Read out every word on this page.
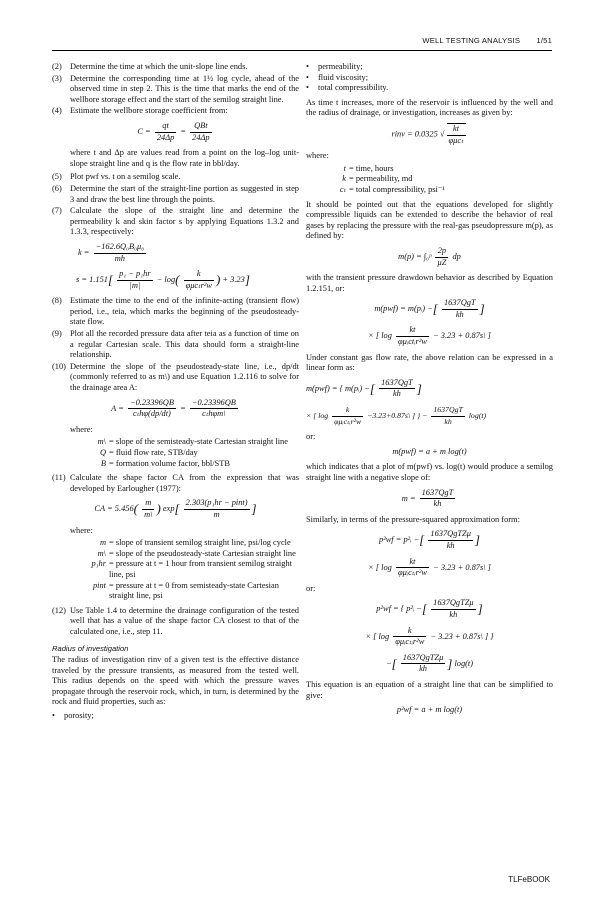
WELL TESTING ANALYSIS 1/51
(2) Determine the time at which the unit-slope line ends.
(3) Determine the corresponding time at 1½ log cycle, ahead of the observed time in step 2. This is the time that marks the end of the wellbore storage effect and the start of the semilog straight line.
(4) Estimate the wellbore storage coefficient from:
$C = \frac{qt}{24\Delta p} = \frac{\text{QBt}}{24\Delta p}$

where t and Δp are values read from a point on the log–log unit-slope straight line and q is the flow rate in bbl/day.

(5) Plot pwf vs. t on a semilog scale.
(6) Determine the start of the straight-line portion as suggested in step 3 and draw the best line through the points.
(7) Calculate the slope of the straight line and determine the permeability k and skin factor s by applying Equations 1.3.2 and 1.3.3, respectively:
$k = \frac{\text{−162.6Q₀B₀μ₀}}{mh}$
$s = 1.151[ \frac{\text{p₁ − p₁hr}}{|m|} - \log( \frac{k}{\text{φμcₜr²w}}$ ) + 3.23]
(8) Estimate the time to the end of the infinite-acting (transient flow) period, i.e., teia, which marks the beginning of the pseudosteady-state flow.
(9) Plot all the recorded pressure data after teia as a function of time on a regular Cartesian scale. This data should form a straight-line relationship.
(10) Determine the slope of the pseudosteady-state line, i.e., dp/dt (commonly referred to as m\) and use Equation 1.2.116 to solve for the drainage area A:
$A = \frac{-0.23396QB}{\text{cₜhφ(dp/dt)}} = \frac{-0.23396QB}{\text{cₜhφm\textbackslash{}}}$

where:

m\ = slope of the semisteady-state Cartesian straight line
Q = fluid flow rate, STB/day
B = formation volume factor, bbl/STB
(11) Calculate the shape factor CA from the expression that was developed by Earlougher (1977):
CA = $5.456( \frac{m}{m\backslash}$ ) $\exp[ \frac{\text{2.303(p₁hr − pint)}}{m}$ ]

where:

m = slope of transient semilog straight line, psi/log cycle
m\ = slope of the pseudosteady-state Cartesian straight line
p₁hr = pressure at t = 1 hour from transient semilog straight line, psi
pint = pressure at t = 0 from semisteady-state Cartesian straight line, psi
(12) Use Table 1.4 to determine the drainage configuration of the tested well that has a value of the shape factor CA closest to that of the calculated one, i.e., step 11.
Radius of investigation

The radius of investigation rinv of a given test is the effective distance traveled by the pressure transients, as measured from the tested well. This radius depends on the speed with which the pressure waves propagate through the reservoir rock, which, in turn, is determined by the rock and fluid properties, such as:

•	porosity;
•	permeability;
•	fluid viscosity;
•	total compressibility.

As time t increases, more of the reservoir is influenced by the well and the radius of drainage, or investigation, increases as given by:

rinv = 0.0325 √ $\frac{kt}{\text{φμcₜ}}$

where:

t = time, hours
k = permeability, md
cₜ = total compressibility, psi⁻¹

It should be pointed out that the equations developed for slightly compressible liquids can be extended to describe the behavior of real gases by replacing the pressure with the real-gas pseudopressure m(p), as defined by:

m(p) = ∫₀ᵖ $\frac{2p}{\mu Z}$ dp

with the transient pressure drawdown behavior as described by Equation 1.2.151, or:

m(pwf) = m(pᵢ) −[ $\frac{\text{1637QgT}}{kh}$ ]
× [ $\log \frac{kt}{\text{φμᵢctᵢr²w}} - 3.23$ + 0.87s\ ]

Under constant gas flow rate, the above relation can be expressed in a linear form as:

m(pwf) = { m(pᵢ) −[ $\frac{\text{1637QgT}}{kh}$ ]
× [ $\log \frac{k}{\text{φμᵢcₜᵢr²w}}$ −3.23+0.87s\ ] } − $\frac{\text{1637QgT}}{kh} \log(t)$

or:

m(pwf) = a + m log(t)

which indicates that a plot of m(pwf) vs. log(t) would produce a semilog straight line with a negative slope of:

$m = \frac{\text{1637QgT}}{kh}$

Similarly, in terms of the pressure-squared approximation form:

p²wf = p²ᵢ −[ $\frac{\text{1637QgTZμ}}{kh}$ ]
× [ $\log \frac{kt}{\text{φμᵢcₜᵢr²w}} - 3.23$ + 0.87s\ ]

or:

p²wf = { p²ᵢ −[ $\frac{\text{1637QgTZμ}}{kh}$ ]
× [ $\log \frac{k}{\text{φμᵢcₜᵢr²w}} - 3.23$ + 0.87s\ ] }
−[ $\frac{\text{1637QgTZμ}}{kh}$ ] log(t)

This equation is an equation of a straight line that can be simplified to give:

p²wf = a + m log(t)
TLFeBOOK
